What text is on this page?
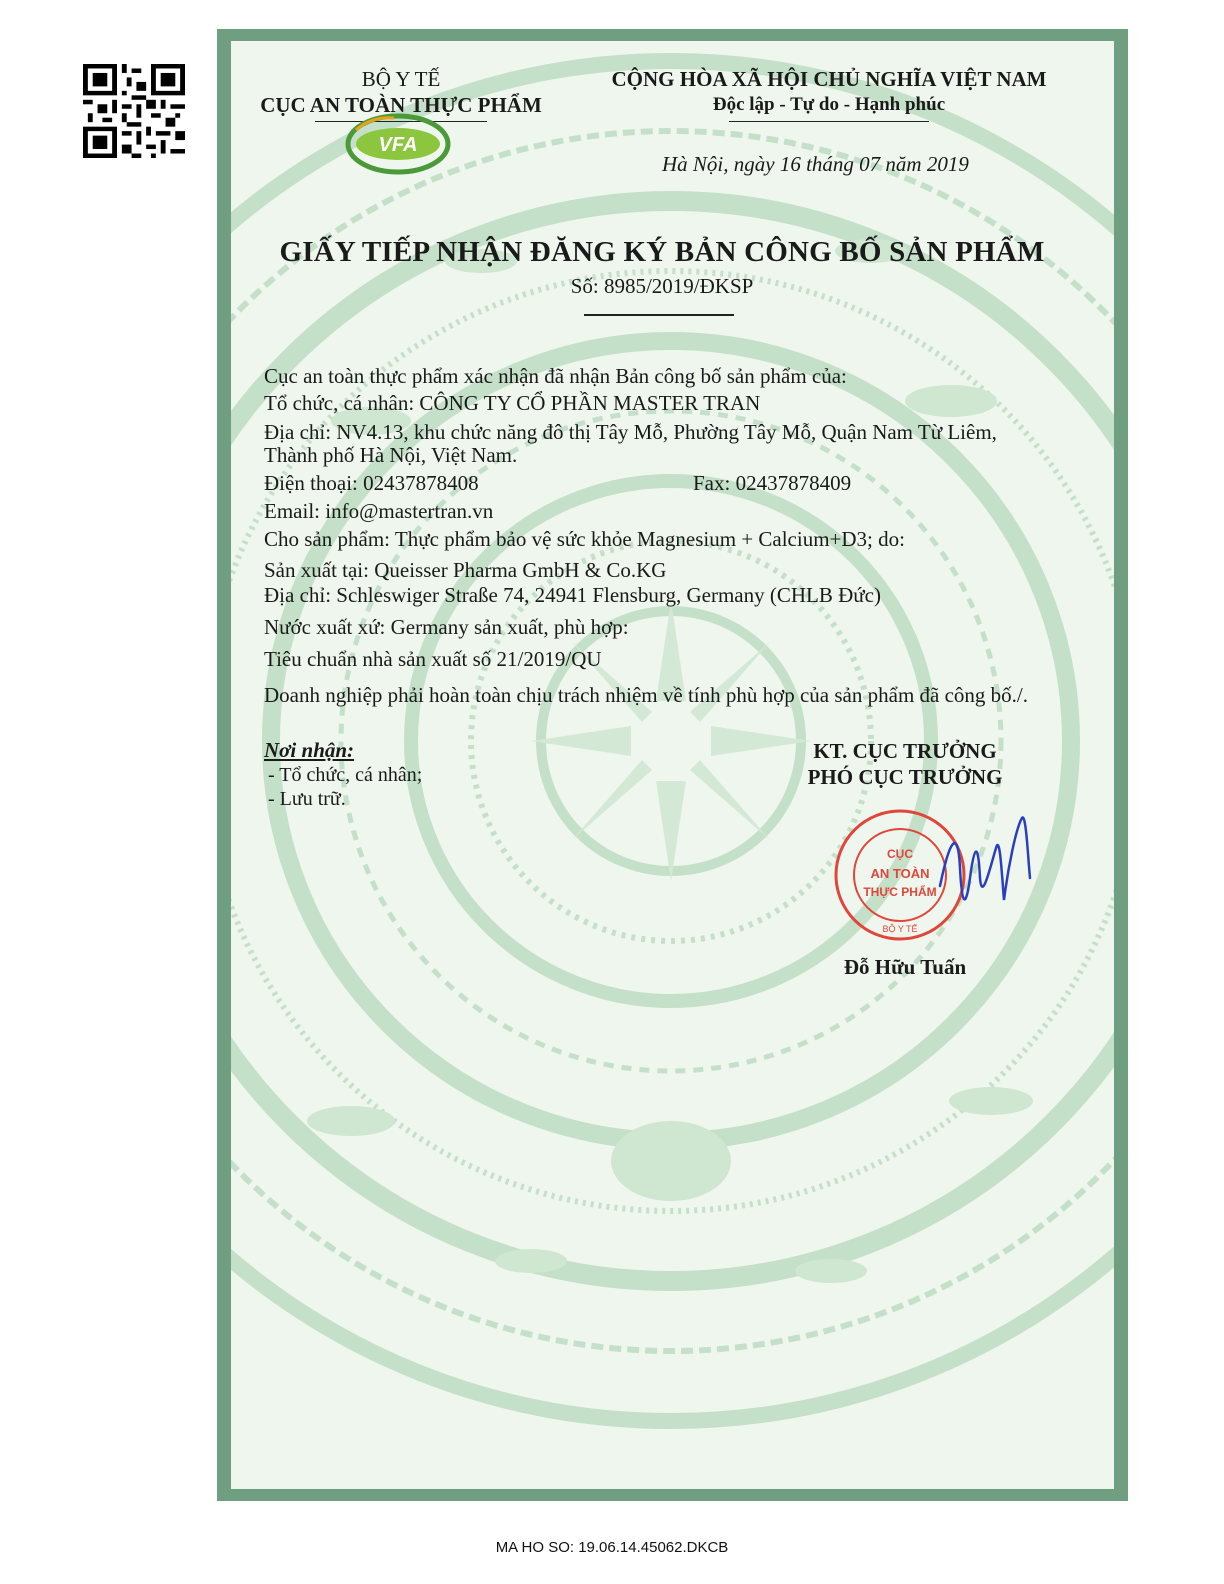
BỘ Y TẾ
CỤC AN TOÀN THỰC PHẨM
VFA
CỘNG HÒA XÃ HỘI CHỦ NGHĨA VIỆT NAM
Độc lập - Tự do - Hạnh phúc
Hà Nội, ngày 16 tháng 07 năm 2019
GIẤY TIẾP NHẬN ĐĂNG KÝ BẢN CÔNG BỐ SẢN PHẨM
Số: 8985/2019/ĐKSP
Cục an toàn thực phẩm xác nhận đã nhận Bản công bố sản phẩm của:
Tổ chức, cá nhân: CÔNG TY CỔ PHẦN MASTER TRAN
Địa chỉ: NV4.13, khu chức năng đô thị Tây Mỗ, Phường Tây Mỗ, Quận Nam Từ Liêm,
Thành phố Hà Nội, Việt Nam.
Điện thoại: 02437878408	Fax: 02437878409
Email: info@mastertran.vn
Cho sản phẩm: Thực phẩm bảo vệ sức khỏe Magnesium + Calcium+D3; do:
Sản xuất tại: Queisser Pharma GmbH & Co.KG
Địa chỉ: Schleswiger Straße 74, 24941 Flensburg, Germany (CHLB Đức)
Nước xuất xứ: Germany sản xuất, phù hợp:
Tiêu chuẩn nhà sản xuất số 21/2019/QU
Doanh nghiệp phải hoàn toàn chịu trách nhiệm về tính phù hợp của sản phẩm đã công bố./.
Nơi nhận:
- Tổ chức, cá nhân;
- Lưu trữ.
KT. CỤC TRƯỞNG
PHÓ CỤC TRƯỞNG
CỤC
AN TOÀN
THỰC PHẨM
BỘ Y TẾ
Đỗ Hữu Tuấn
MA HO SO: 19.06.14.45062.DKCB
